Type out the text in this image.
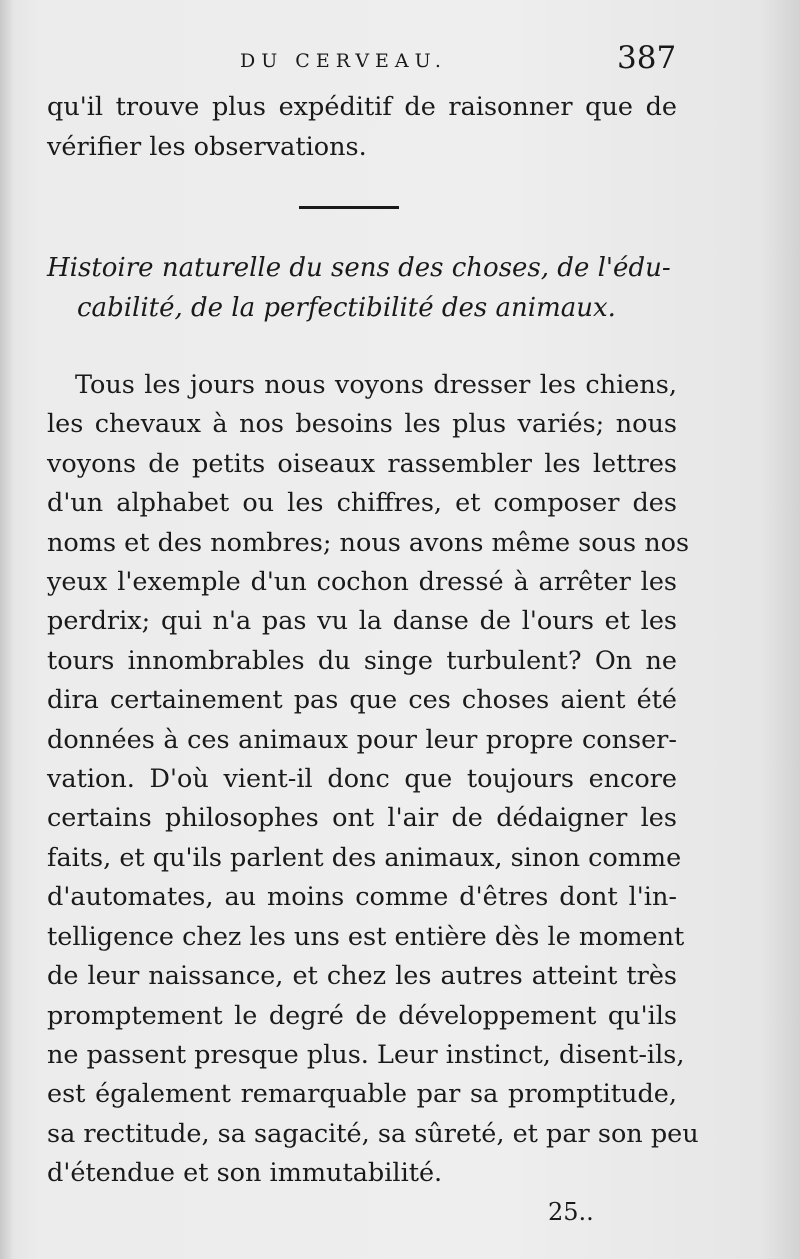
DU CERVEAU.	387
qu'il trouve plus expéditif de raisonner que de
vérifier les observations.
Histoire naturelle du sens des choses, de l'édu-
cabilité, de la perfectibilité des animaux.
Tous les jours nous voyons dresser les chiens,
les chevaux à nos besoins les plus variés; nous
voyons de petits oiseaux rassembler les lettres
d'un alphabet ou les chiffres, et composer des
noms et des nombres; nous avons même sous nos
yeux l'exemple d'un cochon dressé à arrêter les
perdrix; qui n'a pas vu la danse de l'ours et les
tours innombrables du singe turbulent? On ne
dira certainement pas que ces choses aient été
données à ces animaux pour leur propre conser-
vation. D'où vient-il donc que toujours encore
certains philosophes ont l'air de dédaigner les
faits, et qu'ils parlent des animaux, sinon comme
d'automates, au moins comme d'êtres dont l'in-
telligence chez les uns est entière dès le moment
de leur naissance, et chez les autres atteint très
promptement le degré de développement qu'ils
ne passent presque plus. Leur instinct, disent-ils,
est également remarquable par sa promptitude,
sa rectitude, sa sagacité, sa sûreté, et par son peu
d'étendue et son immutabilité.
25..
